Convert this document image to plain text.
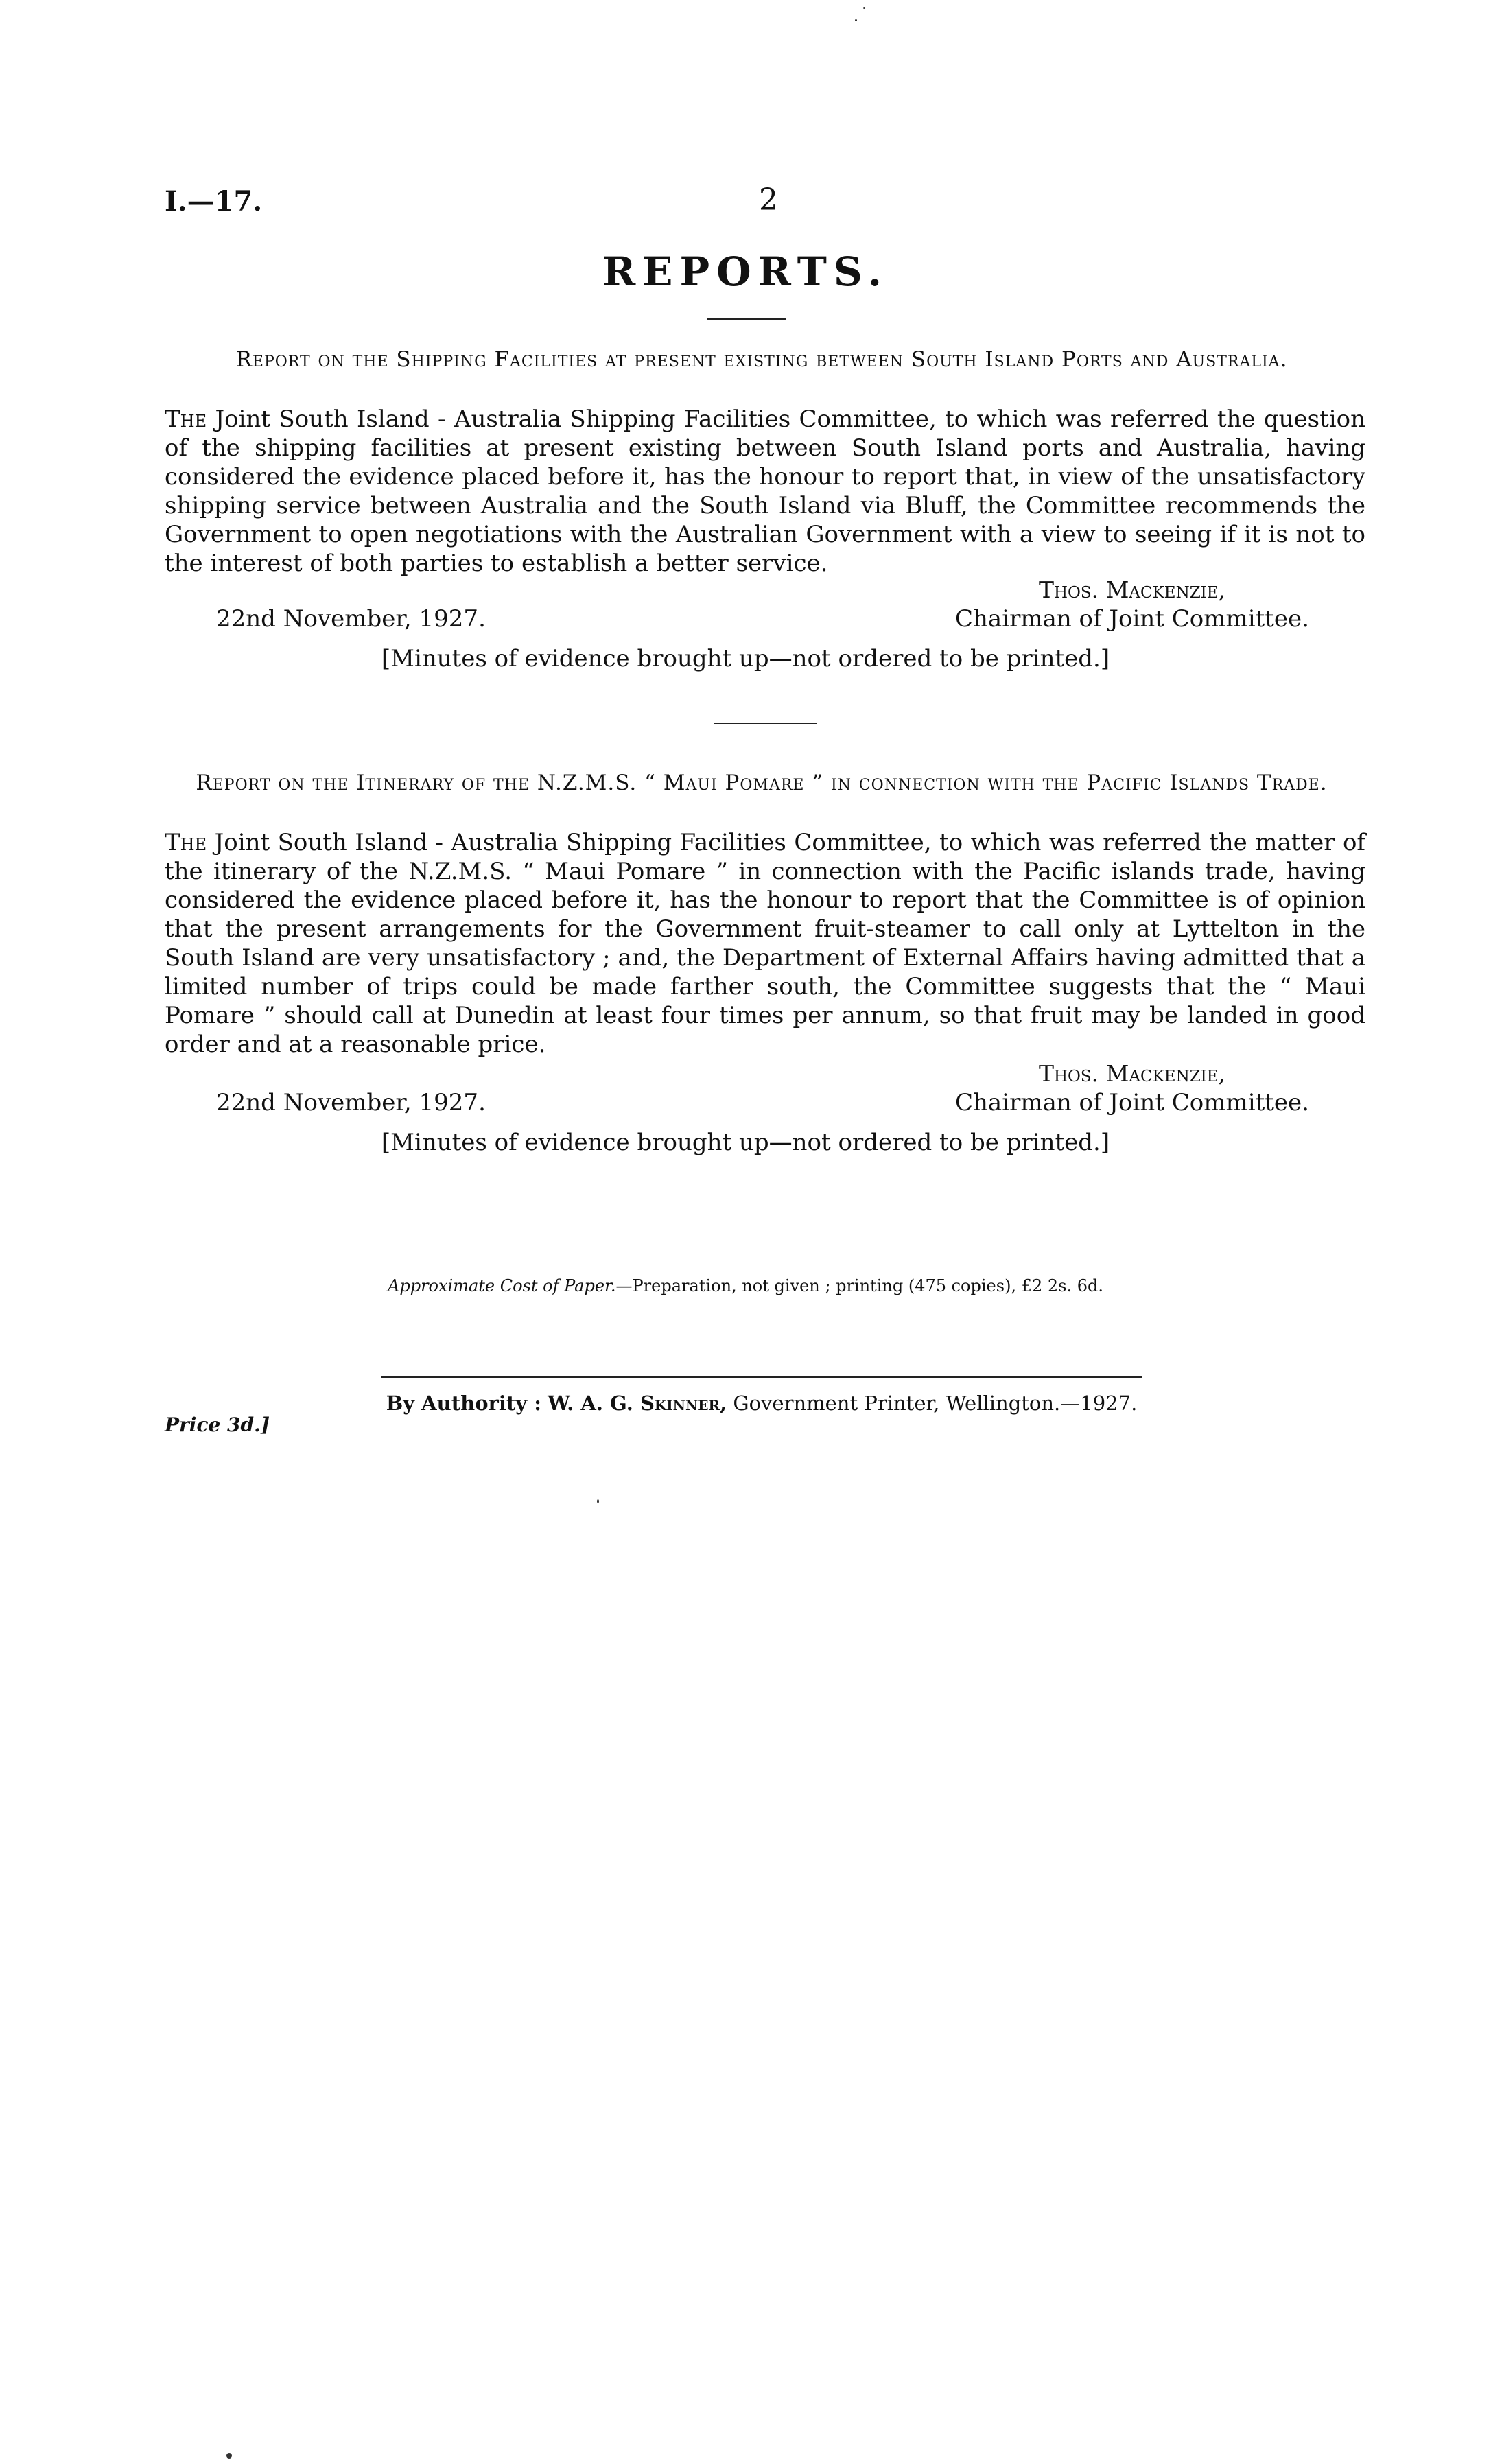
I.—17.	2
REPORTS.
Report on the Shipping Facilities at present existing between South Island Ports and Australia.
The Joint South Island - Australia Shipping Facilities Committee, to which was referred the question of the shipping facilities at present existing between South Island ports and Australia, having considered the evidence placed before it, has the honour to report that, in view of the unsatisfactory shipping service between Australia and the South Island via Bluff, the Committee recommends the Government to open negotiations with the Australian Government with a view to seeing if it is not to the interest of both parties to establish a better service.
Thos. Mackenzie,
22nd November, 1927.	Chairman of Joint Committee.
[Minutes of evidence brought up—not ordered to be printed.]
Report on the Itinerary of the N.Z.M.S. “ Maui Pomare ” in connection with the Pacific Islands Trade.
The Joint South Island - Australia Shipping Facilities Committee, to which was referred the matter of the itinerary of the N.Z.M.S. “ Maui Pomare ” in connection with the Pacific islands trade, having considered the evidence placed before it, has the honour to report that the Committee is of opinion that the present arrangements for the Government fruit-steamer to call only at Lyttelton in the South Island are very unsatisfactory ; and, the Department of External Affairs having admitted that a limited number of trips could be made farther south, the Committee suggests that the “ Maui Pomare ” should call at Dunedin at least four times per annum, so that fruit may be landed in good order and at a reasonable price.
Thos. Mackenzie,
22nd November, 1927.	Chairman of Joint Committee.
[Minutes of evidence brought up—not ordered to be printed.]
Approximate Cost of Paper.—Preparation, not given ; printing (475 copies), £2 2s. 6d.
By Authority : W. A. G. Skinner, Government Printer, Wellington.—1927.
Price 3d.]
